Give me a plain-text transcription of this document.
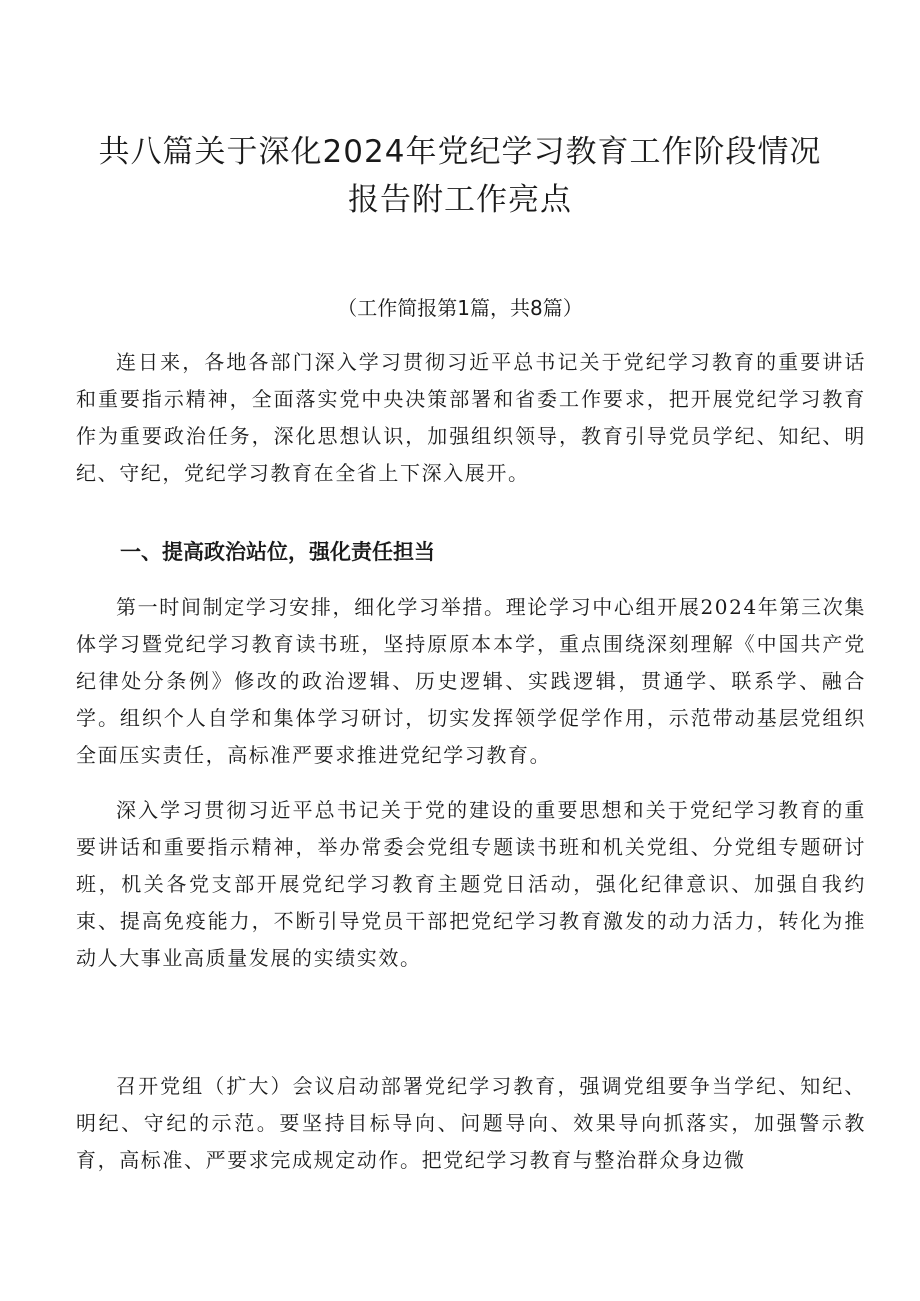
共八篇关于深化2024年党纪学习教育工作阶段情况
报告附工作亮点
（工作简报第1篇，共8篇）

连日来，各地各部门深入学习贯彻习近平总书记关于党纪学习教育的重要讲话和重要指示精神，全面落实党中央决策部署和省委工作要求，把开展党纪学习教育作为重要政治任务，深化思想认识，加强组织领导，教育引导党员学纪、知纪、明纪、守纪，党纪学习教育在全省上下深入展开。

一、提高政治站位，强化责任担当

第一时间制定学习安排，细化学习举措。理论学习中心组开展2024年第三次集体学习暨党纪学习教育读书班，坚持原原本本学，重点围绕深刻理解《中国共产党纪律处分条例》修改的政治逻辑、历史逻辑、实践逻辑，贯通学、联系学、融合学。组织个人自学和集体学习研讨，切实发挥领学促学作用，示范带动基层党组织全面压实责任，高标准严要求推进党纪学习教育。

深入学习贯彻习近平总书记关于党的建设的重要思想和关于党纪学习教育的重要讲话和重要指示精神，举办常委会党组专题读书班和机关党组、分党组专题研讨班，机关各党支部开展党纪学习教育主题党日活动，强化纪律意识、加强自我约束、提高免疫能力，不断引导党员干部把党纪学习教育激发的动力活力，转化为推动人大事业高质量发展的实绩实效。

召开党组（扩大）会议启动部署党纪学习教育，强调党组要争当学纪、知纪、明纪、守纪的示范。要坚持目标导向、问题导向、效果导向抓落实，加强警示教育，高标准、严要求完成规定动作。把党纪学习教育与整治群众身边微
